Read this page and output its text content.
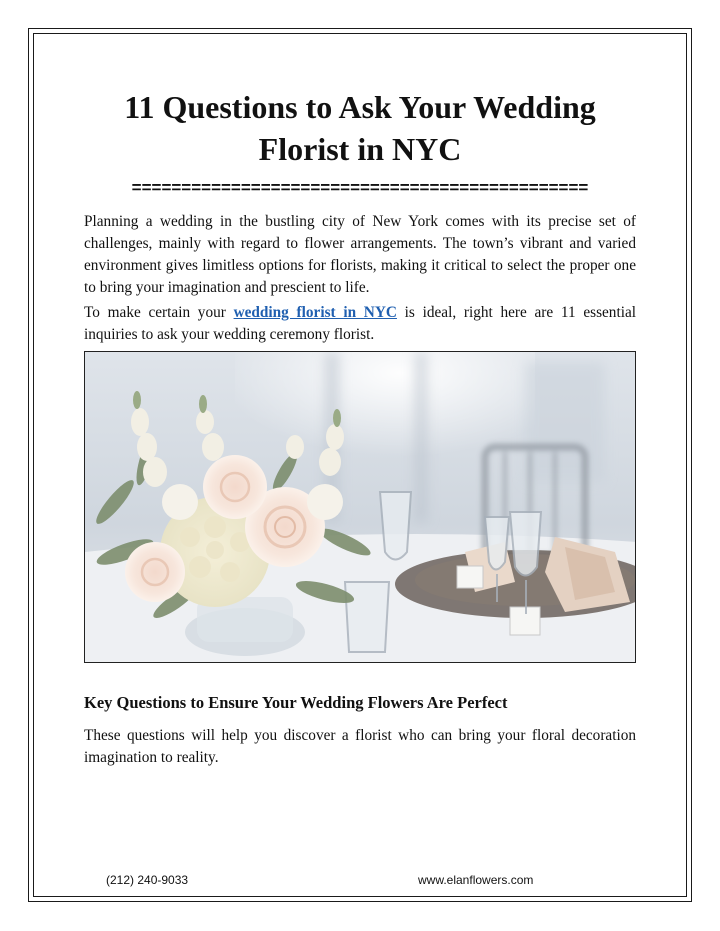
11 Questions to Ask Your Wedding Florist in NYC
==============================================

Planning a wedding in the bustling city of New York comes with its precise set of challenges, mainly with regard to flower arrangements. The town’s vibrant and varied environment gives limitless options for florists, making it critical to select the proper one to bring your imagination and prescient to life.

To make certain your wedding florist in NYC is ideal, right here are 11 essential inquiries to ask your wedding ceremony florist.

Key Questions to Ensure Your Wedding Flowers Are Perfect

These questions will help you discover a florist who can bring your floral decoration imagination to reality.

(212) 240-9033	www.elanflowers.com
